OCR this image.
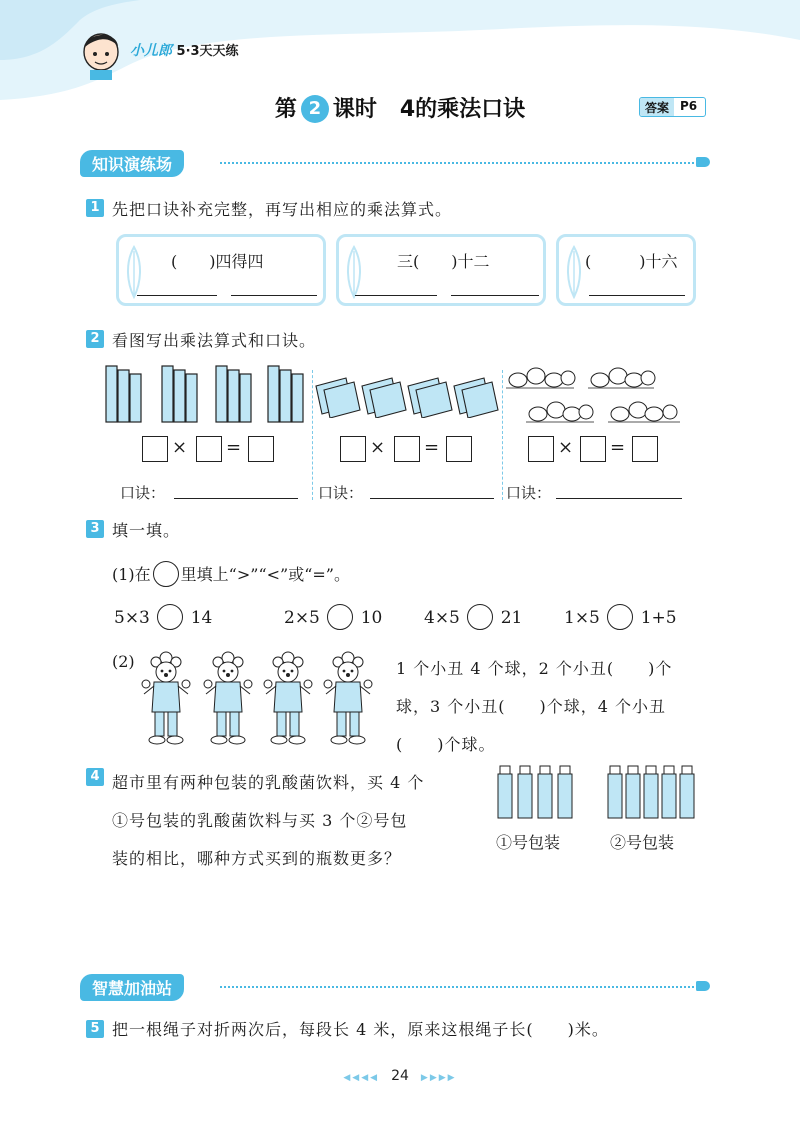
小儿郎 5·3天天练
第 2 课时 4的乘法口诀	答案 P6
知识演练场
1 先把口诀补充完整，再写出相应的乘法算式。
(　　)四得四	三(　　)十二	(　　　)十六
2 看图写出乘法算式和口诀。
× =	× =	× =
口诀：	口诀：	口诀：
3 填一填。
(1)在 里填上“>”“<”或“=”。
5×3 14	2×5 10 4×5 21 1×5 1+5
(2)	1 个小丑 4 个球，2 个小丑(　　)个
球，3 个小丑(　　)个球，4 个小丑
(　　)个球。
4 超市里有两种包装的乳酸菌饮料，买 4 个
①号包装的乳酸菌饮料与买 3 个②号包
装的相比，哪种方式买到的瓶数更多？
①号包装	②号包装
智慧加油站
5 把一根绳子对折两次后，每段长 4 米，原来这根绳子长(　　)米。
◀◀◀◀ 24 ▶▶▶▶
